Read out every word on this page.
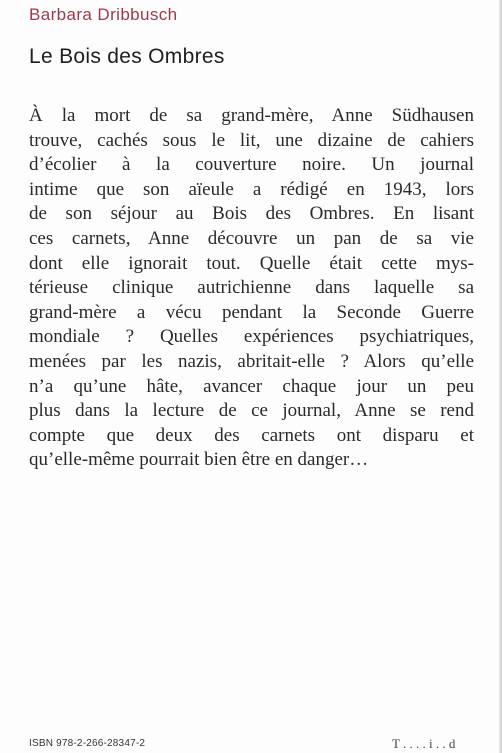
Barbara Dribbusch
Le Bois des Ombres
À la mort de sa grand-mère, Anne Südhausen
trouve, cachés sous le lit, une dizaine de cahiers
d’écolier à la couverture noire. Un journal
intime que son aïeule a rédigé en 1943, lors
de son séjour au Bois des Ombres. En lisant
ces carnets, Anne découvre un pan de sa vie
dont elle ignorait tout. Quelle était cette mys-
térieuse clinique autrichienne dans laquelle sa
grand-mère a vécu pendant la Seconde Guerre
mondiale ? Quelles expériences psychiatriques,
menées par les nazis, abritait-elle ? Alors qu’elle
n’a qu’une hâte, avancer chaque jour un peu
plus dans la lecture de ce journal, Anne se rend
compte que deux des carnets ont disparu et
qu’elle-même pourrait bien être en danger…
ISBN 978-2-266-28347-2	T . . . . i . . d
